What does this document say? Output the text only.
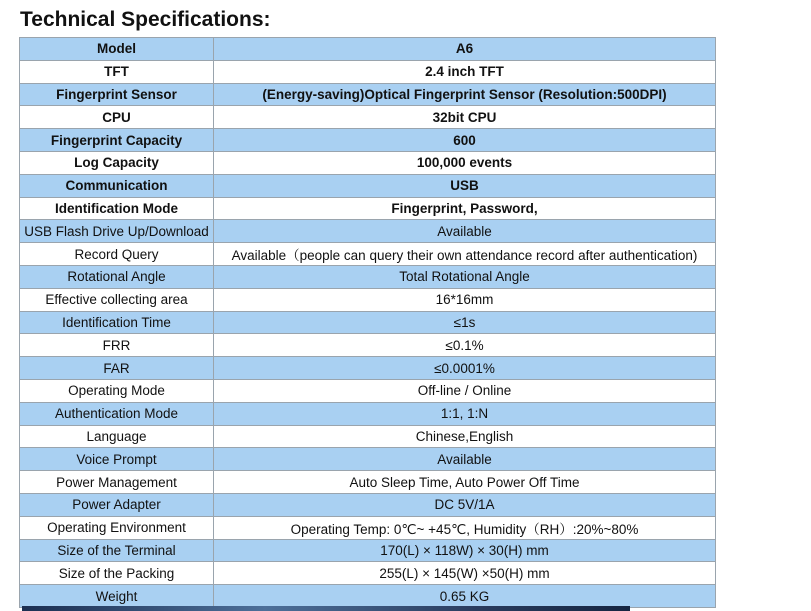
Technical Specifications:
Model	A6
TFT	2.4 inch TFT
Fingerprint Sensor	(Energy-saving)Optical Fingerprint Sensor (Resolution:500DPI)
CPU	32bit CPU
Fingerprint Capacity	600
Log Capacity	100,000 events
Communication	USB
Identification Mode	Fingerprint, Password,
USB Flash Drive Up/Download	Available
Record Query	Available（people can query their own attendance record after authentication)
Rotational Angle	Total Rotational Angle
Effective collecting area	16*16mm
Identification Time	≤1s
FRR	≤0.1%
FAR	≤0.0001%
Operating Mode	Off-line / Online
Authentication Mode	1:1, 1:N
Language	Chinese,English
Voice Prompt	Available
Power Management	Auto Sleep Time, Auto Power Off Time
Power Adapter	DC 5V/1A
Operating Environment	Operating Temp: 0℃~ +45℃, Humidity（RH）:20%~80%
Size of the Terminal	170(L) × 118W) × 30(H) mm
Size of the Packing	255(L) × 145(W) ×50(H) mm
Weight	0.65 KG
